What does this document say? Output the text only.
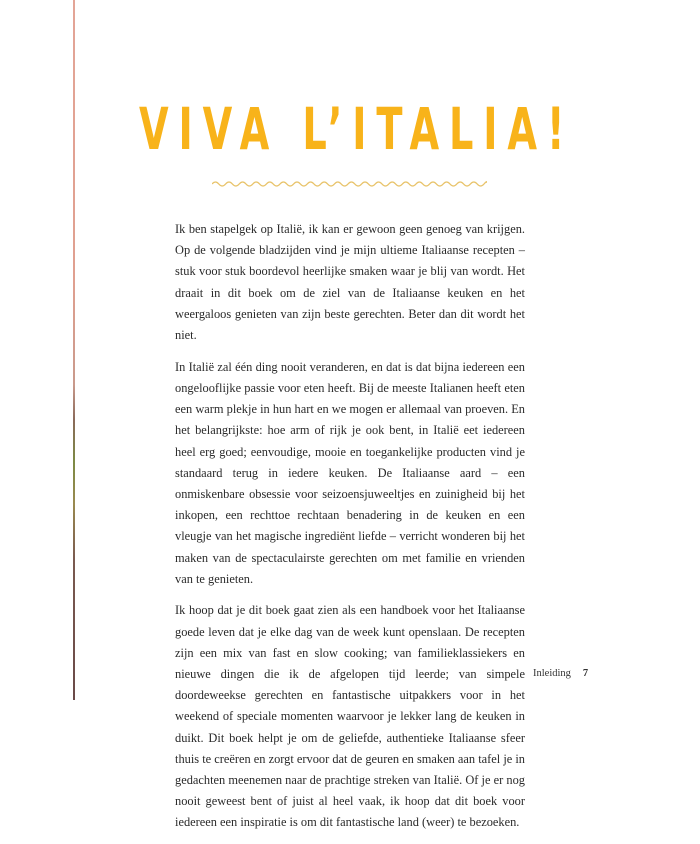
VIVA L’ITALIA!

Ik ben stapelgek op Italië, ik kan er gewoon geen genoeg van krijgen. Op de volgende bladzijden vind je mijn ultieme Italiaanse recepten – stuk voor stuk boordevol heerlijke smaken waar je blij van wordt. Het draait in dit boek om de ziel van de Italiaanse keuken en het weergaloos genieten van zijn beste gerechten. Beter dan dit wordt het niet.

In Italië zal één ding nooit veranderen, en dat is dat bijna iedereen een ongelooflijke passie voor eten heeft. Bij de meeste Italianen heeft eten een warm plekje in hun hart en we mogen er allemaal van proeven. En het belangrijkste: hoe arm of rijk je ook bent, in Italië eet iedereen heel erg goed; eenvoudige, mooie en toegankelijke producten vind je standaard terug in iedere keuken. De Italiaanse aard – een onmiskenbare obsessie voor seizoensjuweeltjes en zuinigheid bij het inkopen, een rechttoe rechtaan benadering in de keuken en een vleugje van het magische ingrediënt liefde – verricht wonderen bij het maken van de spectaculairste gerechten om met familie en vrienden van te genieten.

Ik hoop dat je dit boek gaat zien als een handboek voor het Italiaanse goede leven dat je elke dag van de week kunt openslaan. De recepten zijn een mix van fast en slow cooking; van familieklassiekers en nieuwe dingen die ik de afgelopen tijd leerde; van simpele doordeweekse gerechten en fantastische uitpakkers voor in het weekend of speciale momenten waarvoor je lekker lang de keuken in duikt. Dit boek helpt je om de geliefde, authentieke Italiaanse sfeer thuis te creëren en zorgt ervoor dat de geuren en smaken aan tafel je in gedachten meenemen naar de prachtige streken van Italië. Of je er nog nooit geweest bent of juist al heel vaak, ik hoop dat dit boek voor iedereen een inspiratie is om dit fantastische land (weer) te bezoeken.

Inleiding 7
